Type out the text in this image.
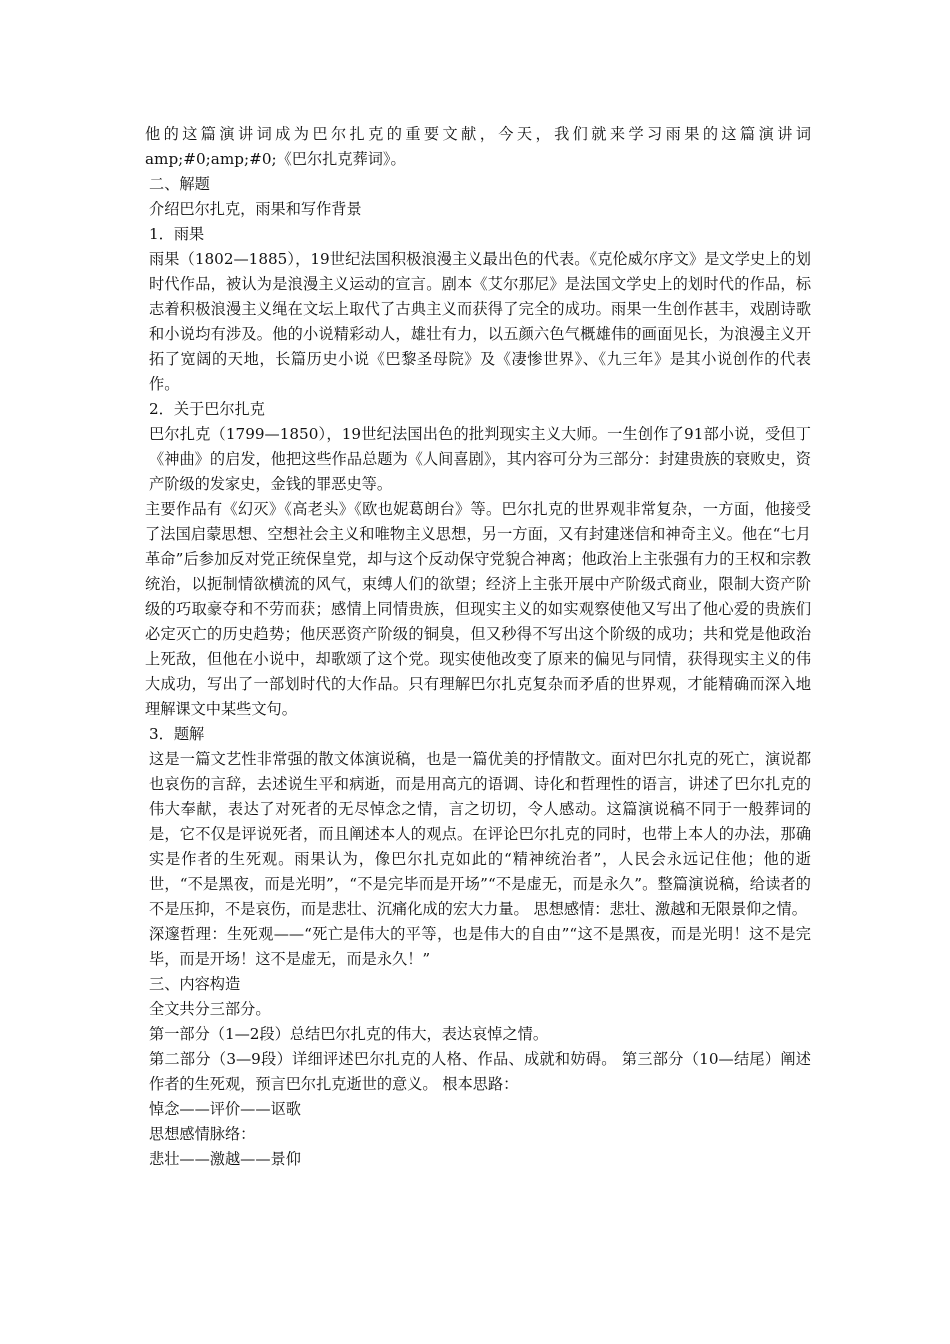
他的这篇演讲词成为巴尔扎克的重要文献，今天，我们就来学习雨果的这篇演讲词amp;#0;amp;#0;《巴尔扎克葬词》。

二、解题

介绍巴尔扎克，雨果和写作背景

1．雨果

雨果（1802—1885），19世纪法国积极浪漫主义最出色的代表。《克伦威尔序文》是文学史上的划时代作品，被认为是浪漫主义运动的宣言。剧本《艾尔那尼》是法国文学史上的划时代的作品，标志着积极浪漫主义绳在文坛上取代了古典主义而获得了完全的成功。雨果一生创作甚丰，戏剧诗歌和小说均有涉及。他的小说精彩动人，雄壮有力，以五颜六色气概雄伟的画面见长，为浪漫主义开拓了宽阔的天地，长篇历史小说《巴黎圣母院》及《凄惨世界》、《九三年》是其小说创作的代表作。

2．关于巴尔扎克

巴尔扎克（1799—1850），19世纪法国出色的批判现实主义大师。一生创作了91部小说，受但丁《神曲》的启发，他把这些作品总题为《人间喜剧》，其内容可分为三部分：封建贵族的衰败史，资产阶级的发家史，金钱的罪恶史等。

主要作品有《幻灭》《高老头》《欧也妮葛朗台》等。巴尔扎克的世界观非常复杂，一方面，他接受了法国启蒙思想、空想社会主义和唯物主义思想，另一方面，又有封建迷信和神奇主义。他在“七月革命”后参加反对党正统保皇党，却与这个反动保守党貌合神离；他政治上主张强有力的王权和宗教统治，以扼制情欲横流的风气，束缚人们的欲望；经济上主张开展中产阶级式商业，限制大资产阶级的巧取豪夺和不劳而获；感情上同情贵族，但现实主义的如实观察使他又写出了他心爱的贵族们必定灭亡的历史趋势；他厌恶资产阶级的铜臭，但又秒得不写出这个阶级的成功；共和党是他政治上死敌，但他在小说中，却歌颂了这个党。现实使他改变了原来的偏见与同情，获得现实主义的伟大成功，写出了一部划时代的大作品。只有理解巴尔扎克复杂而矛盾的世界观，才能精确而深入地理解课文中某些文句。

3．题解

这是一篇文艺性非常强的散文体演说稿，也是一篇优美的抒情散文。面对巴尔扎克的死亡，演说都也哀伤的言辞，去述说生平和病逝，而是用高亢的语调、诗化和哲理性的语言，讲述了巴尔扎克的伟大奉献，表达了对死者的无尽悼念之情，言之切切，令人感动。这篇演说稿不同于一般葬词的是，它不仅是评说死者，而且阐述本人的观点。在评论巴尔扎克的同时，也带上本人的办法，那确实是作者的生死观。雨果认为，像巴尔扎克如此的“精神统治者”，人民会永远记住他；他的逝世，“不是黑夜，而是光明”，“不是完毕而是开场”“不是虚无，而是永久”。整篇演说稿，给读者的不是压抑，不是哀伤，而是悲壮、沉痛化成的宏大力量。 思想感情：悲壮、激越和无限景仰之情。

深邃哲理：生死观——“死亡是伟大的平等，也是伟大的自由”“这不是黑夜，而是光明！这不是完毕，而是开场！这不是虚无，而是永久！”

三、内容构造

全文共分三部分。

第一部分（1—2段）总结巴尔扎克的伟大，表达哀悼之情。

第二部分（3—9段）详细评述巴尔扎克的人格、作品、成就和妨碍。 第三部分（10—结尾）阐述作者的生死观，预言巴尔扎克逝世的意义。 根本思路：

悼念——评价——讴歌

思想感情脉络：

悲壮——激越——景仰
